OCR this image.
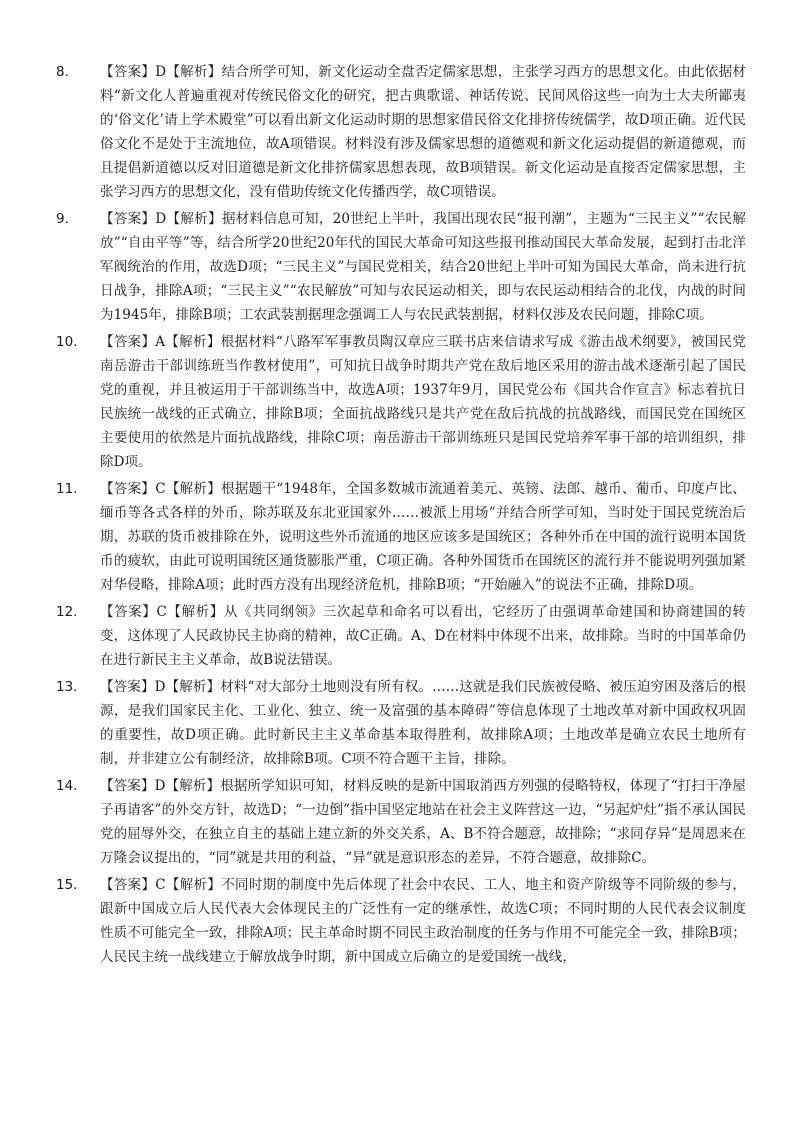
8.	【答案】D【解析】结合所学可知，新文化运动全盘否定儒家思想，主张学习西方的思想文化。由此依据材料“新文化人普遍重视对传统民俗文化的研究，把古典歌谣、神话传说、民间风俗这些一向为士大夫所鄙夷的‘俗文化’请上学术殿堂”可以看出新文化运动时期的思想家借民俗文化排挤传统儒学，故D项正确。近代民俗文化不是处于主流地位，故A项错误。材料没有涉及儒家思想的道德观和新文化运动提倡的新道德观，而且提倡新道德以反对旧道德是新文化排挤儒家思想表现，故B项错误。新文化运动是直接否定儒家思想，主张学习西方的思想文化，没有借助传统文化传播西学，故C项错误。
9.	【答案】D【解析】据材料信息可知，20世纪上半叶，我国出现农民“报刊潮”，主题为“三民主义”“农民解放”“自由平等”等，结合所学20世纪20年代的国民大革命可知这些报刊推动国民大革命发展，起到打击北洋军阀统治的作用，故选D项；“三民主义”与国民党相关，结合20世纪上半叶可知为国民大革命，尚未进行抗日战争，排除A项；“三民主义”“农民解放”可知与农民运动相关，即与农民运动相结合的北伐，内战的时间为1945年，排除B项；工农武装割据理念强调工人与农民武装割据，材料仅涉及农民问题，排除C项。
10.	【答案】A【解析】根据材料“八路军军事教员陶汉章应三联书店来信请求写成《游击战术纲要》，被国民党南岳游击干部训练班当作教材使用”，可知抗日战争时期共产党在敌后地区采用的游击战术逐渐引起了国民党的重视，并且被运用于干部训练当中，故选A项；1937年9月，国民党公布《国共合作宣言》标志着抗日民族统一战线的正式确立，排除B项；全面抗战路线只是共产党在敌后抗战的抗战路线，而国民党在国统区主要使用的依然是片面抗战路线，排除C项；南岳游击干部训练班只是国民党培养军事干部的培训组织，排除D项。
11.	【答案】C【解析】根据题干“1948年，全国多数城市流通着美元、英镑、法郎、越币、葡币、印度卢比、缅币等各式各样的外币，除苏联及东北亚国家外……被派上用场”并结合所学可知，当时处于国民党统治后期，苏联的货币被排除在外，说明这些外币流通的地区应该多是国统区；各种外币在中国的流行说明本国货币的疲软，由此可说明国统区通货膨胀严重，C项正确。各种外国货币在国统区的流行并不能说明列强加紧对华侵略，排除A项；此时西方没有出现经济危机，排除B项；“开始融入”的说法不正确，排除D项。
12.	【答案】C【解析】从《共同纲领》三次起草和命名可以看出，它经历了由强调革命建国和协商建国的转变，这体现了人民政协民主协商的精神，故C正确。A、D在材料中体现不出来，故排除。当时的中国革命仍在进行新民主主义革命，故B说法错误。
13.	【答案】D【解析】材料“对大部分土地则没有所有权。……这就是我们民族被侵略、被压迫穷困及落后的根源，是我们国家民主化、工业化、独立、统一及富强的基本障碍”等信息体现了土地改革对新中国政权巩固的重要性，故D项正确。此时新民主主义革命基本取得胜利，故排除A项；土地改革是确立农民土地所有制，并非建立公有制经济，故排除B项。C项不符合题干主旨，排除。
14.	【答案】D【解析】根据所学知识可知，材料反映的是新中国取消西方列强的侵略特权，体现了“打扫干净屋子再请客”的外交方针，故选D；“一边倒”指中国坚定地站在社会主义阵营这一边，“另起炉灶”指不承认国民党的屈辱外交，在独立自主的基础上建立新的外交关系，A、B不符合题意，故排除；“求同存异”是周恩来在万隆会议提出的，“同”就是共用的利益，“异”就是意识形态的差异，不符合题意，故排除C。
15.	【答案】C【解析】不同时期的制度中先后体现了社会中农民、工人、地主和资产阶级等不同阶级的参与，跟新中国成立后人民代表大会体现民主的广泛性有一定的继承性，故选C项；不同时期的人民代表会议制度性质不可能完全一致，排除A项；民主革命时期不同民主政治制度的任务与作用不可能完全一致，排除B项；人民民主统一战线建立于解放战争时期，新中国成立后确立的是爱国统一战线，
